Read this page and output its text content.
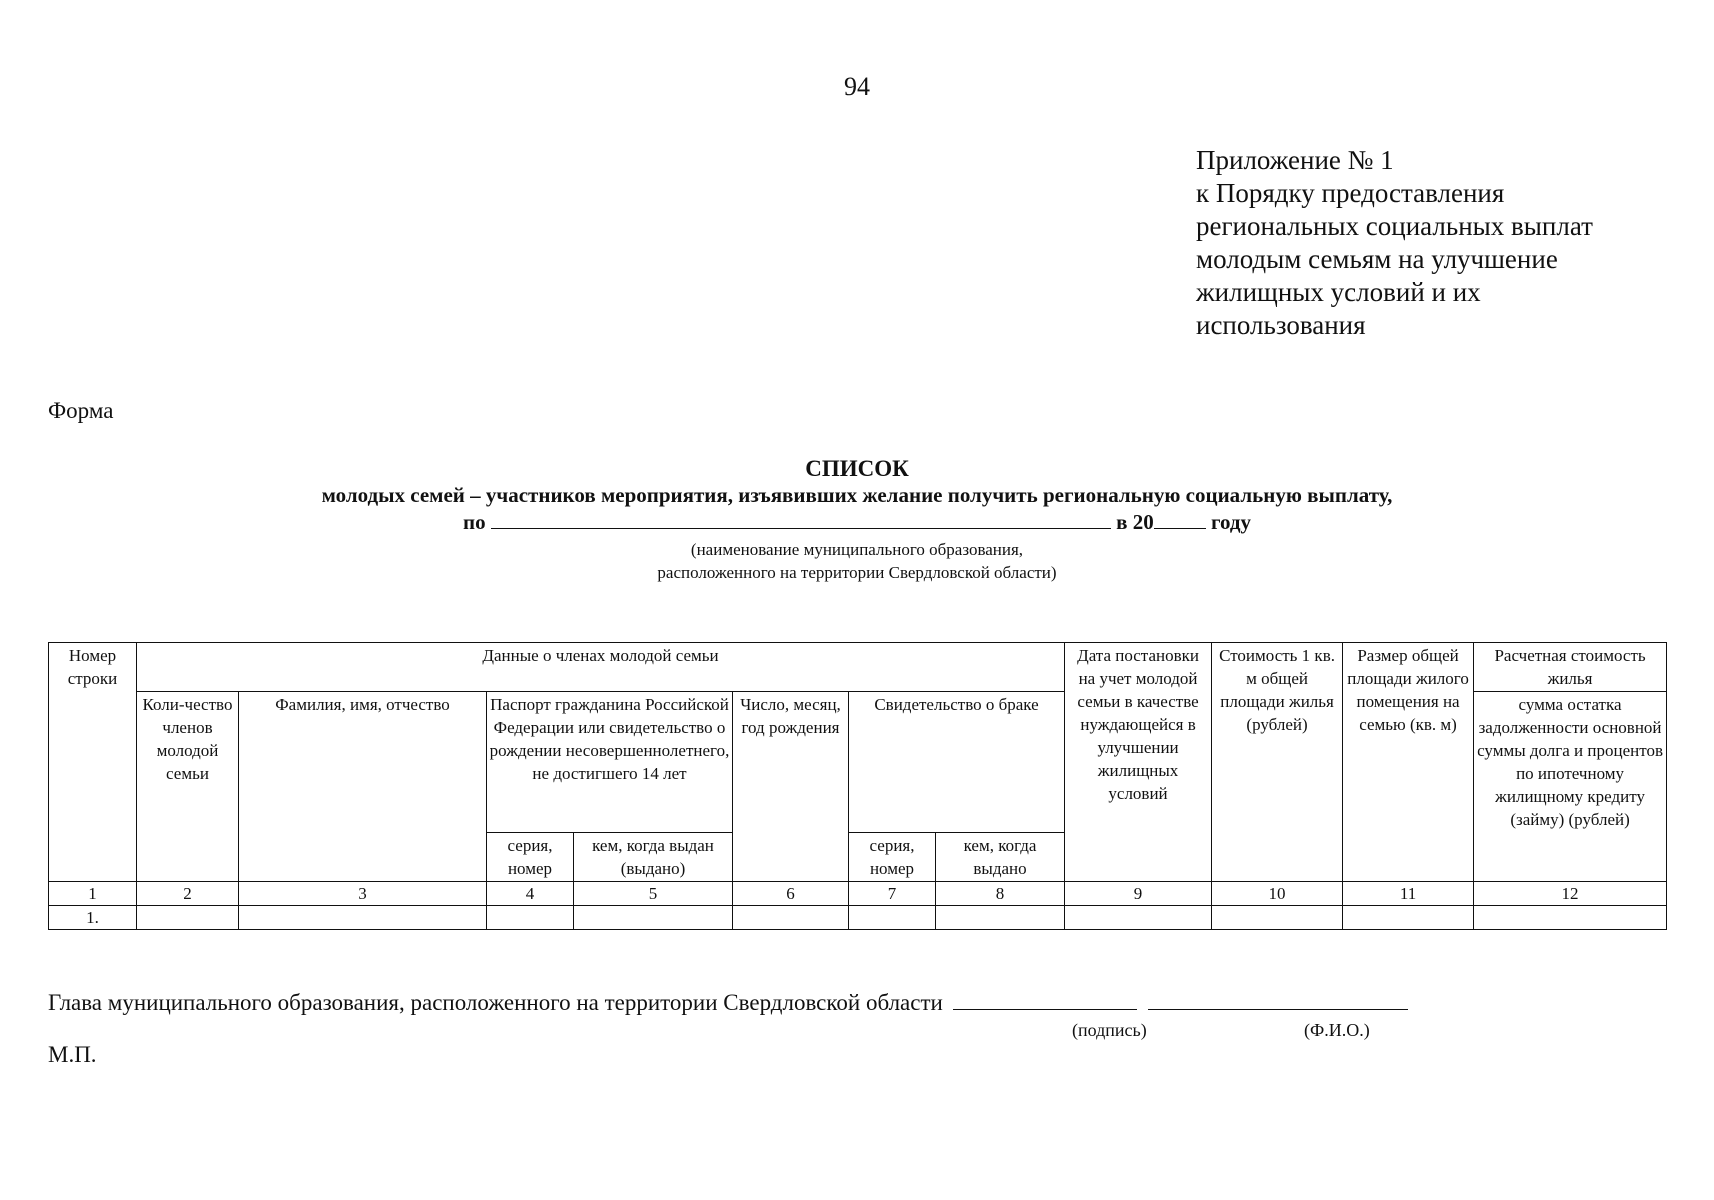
94
Приложение № 1
к Порядку предоставления
региональных социальных выплат
молодым семьям на улучшение
жилищных условий и их
использования
Форма
СПИСОК
молодых семей – участников мероприятия, изъявивших желание получить региональную социальную выплату,
по	в 20	году
(наименование муниципального образования,
расположенного на территории Свердловской области)
Номер строки	Данные о членах молодой семьи							Дата постановки на учет молодой семьи в качестве нуждающейся в улучшении жилищных условий	Стоимость 1 кв. м общей площади жилья (рублей)	Размер общей площади жилого помещения на семью (кв. м)	Расчетная стоимость жилья
	Коли-чество членов молодой семьи	Фамилия, имя, отчество	Паспорт гражданина Российской Федерации или свидетельство о рождении несовершеннолетнего, не достигшего 14 лет		Число, месяц, год рождения	Свидетельство о браке					сумма остатка задолженности основной суммы долга и процентов по ипотечному жилищному кредиту (займу) (рублей)
			серия, номер	кем, когда выдан (выдано)		серия, номер	кем, когда выдано				
1	2	3	4	5	6	7	8	9	10	11	12
1.											
Глава муниципального образования, расположенного на территории Свердловской области
(подпись)	(Ф.И.О.)
М.П.
